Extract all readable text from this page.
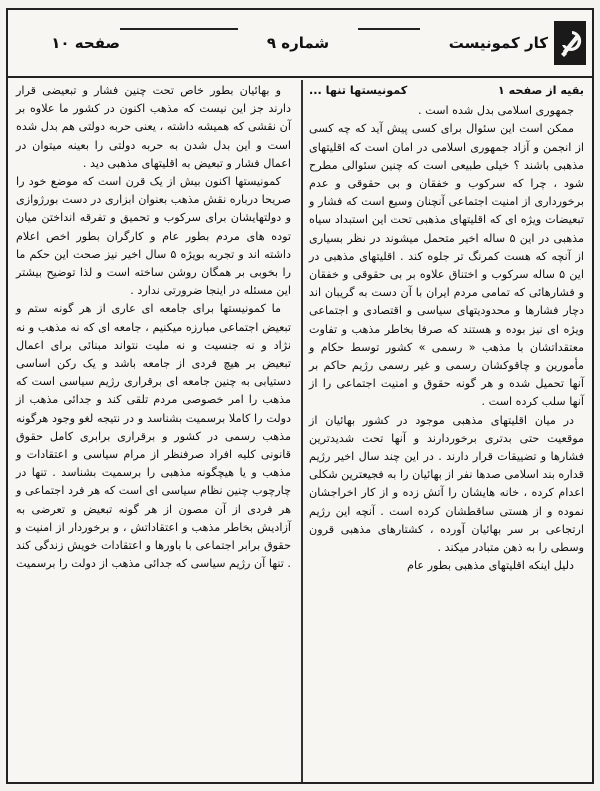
کار کمونیست
شماره ۹
صفحه ۱۰
بقیه از صفحه ۱
کمونیستها تنها ...

جمهوری اسلامی بدل شده است .

ممکن است این سئوال برای کسی پیش آید که چه کسی از انجمن و آزاد جمهوری اسلامی در امان است که اقلیتهای مذهبی باشند ؟ خیلی طبیعی است که چنین سئوالی مطرح شود ، چرا که سرکوب و خفقان و بی حقوقی و عدم برخورداری از امنیت اجتماعی آنچنان وسیع است که فشار و تبعیضات ویژه ای که اقلیتهای مذهبی تحت این استبداد سیاه مذهبی در این ۵ ساله اخیر متحمل میشوند در نظر بسیاری از آنچه که هست کمرنگ تر جلوه کند . اقلیتهای مذهبی در این ۵ ساله سرکوب و اختناق علاوه بر بی حقوقی و خفقان و فشارهائی که تمامی مردم ایران با آن دست به گریبان اند دچار فشارها و محدودیتهای سیاسی و اقتصادی و اجتماعی ویژه ای نیز بوده و هستند که صرفا بخاطر مذهب و تفاوت معتقداتشان با مذهب « رسمی » کشور توسط حکام و مأمورین و چاقوکشان رسمی و غیر رسمی رژیم حاکم بر آنها تحمیل شده و هر گونه حقوق و امنیت اجتماعی را از آنها سلب کرده است .

در میان اقلیتهای مذهبی موجود در کشور بهائیان از موقعیت حتی بدتری برخوردارند و آنها تحت شدیدترین فشارها و تضییقات قرار دارند . در این چند سال اخیر رژیم قداره بند اسلامی صدها نفر از بهائیان را به فجیعترین شکلی اعدام کرده ، خانه هایشان را آتش زده و از کار اخراجشان نموده و از هستی ساقطشان کرده است . آنچه این رژیم ارتجاعی بر سر بهائیان آورده ، کشتارهای مذهبی قرون وسطی را به ذهن متبادر میکند .

دلیل اینکه اقلیتهای مذهبی بطور عام

و بهائیان بطور خاص تحت چنین فشار و تبعیضی قرار دارند جز این نیست که مذهب اکنون در کشور ما علاوه بر آن نقشی که همیشه داشته ، یعنی حربه دولتی هم بدل شده است و این بدل شدن به حربه دولتی را بعینه میتوان در اعمال فشار و تبعیض به اقلیتهای مذهبی دید .

کمونیستها اکنون بیش از یک قرن است که موضع خود را صریحا درباره نقش مذهب بعنوان ابزاری در دست بورژوازی و دولتهایشان برای سرکوب و تحمیق و تفرقه انداختن میان توده های مردم بطور عام و کارگران بطور اخص اعلام داشته اند و تجربه بویژه ۵ سال اخیر نیز صحت این حکم ما را بخوبی بر همگان روشن ساخته است و لذا توضیح بیشتر این مسئله در اینجا ضرورتی ندارد .

ما کمونیستها برای جامعه ای عاری از هر گونه ستم و تبعیض اجتماعی مبارزه میکنیم ، جامعه ای که نه مذهب و نه نژاد و نه جنسیت و نه ملیت نتواند مبنائی برای اعمال تبعیض بر هیچ فردی از جامعه باشد و یک رکن اساسی دستیابی به چنین جامعه ای برقراری رژیم سیاسی است که مذهب را امر خصوصی مردم تلقی کند و جدائی مذهب از دولت را کاملا برسمیت بشناسد و در نتیجه لغو وجود هرگونه مذهب رسمی در کشور و برقراری برابری کامل حقوق قانونی کلیه افراد صرفنظر از مرام سیاسی و اعتقادات و مذهب و یا هیچگونه مذهبی را برسمیت بشناسد . تنها در چارچوب چنین نظام سیاسی ای است که هر فرد اجتماعی و هر فردی از آن مصون از هر گونه تبعیض و تعرضی به آزادیش بخاطر مذهب و اعتقاداتش ، و برخوردار از امنیت و حقوق برابر اجتماعی با باورها و اعتقادات خویش زندگی کند . تنها آن رژیم سیاسی که جدائی مذهب از دولت را برسمیت
